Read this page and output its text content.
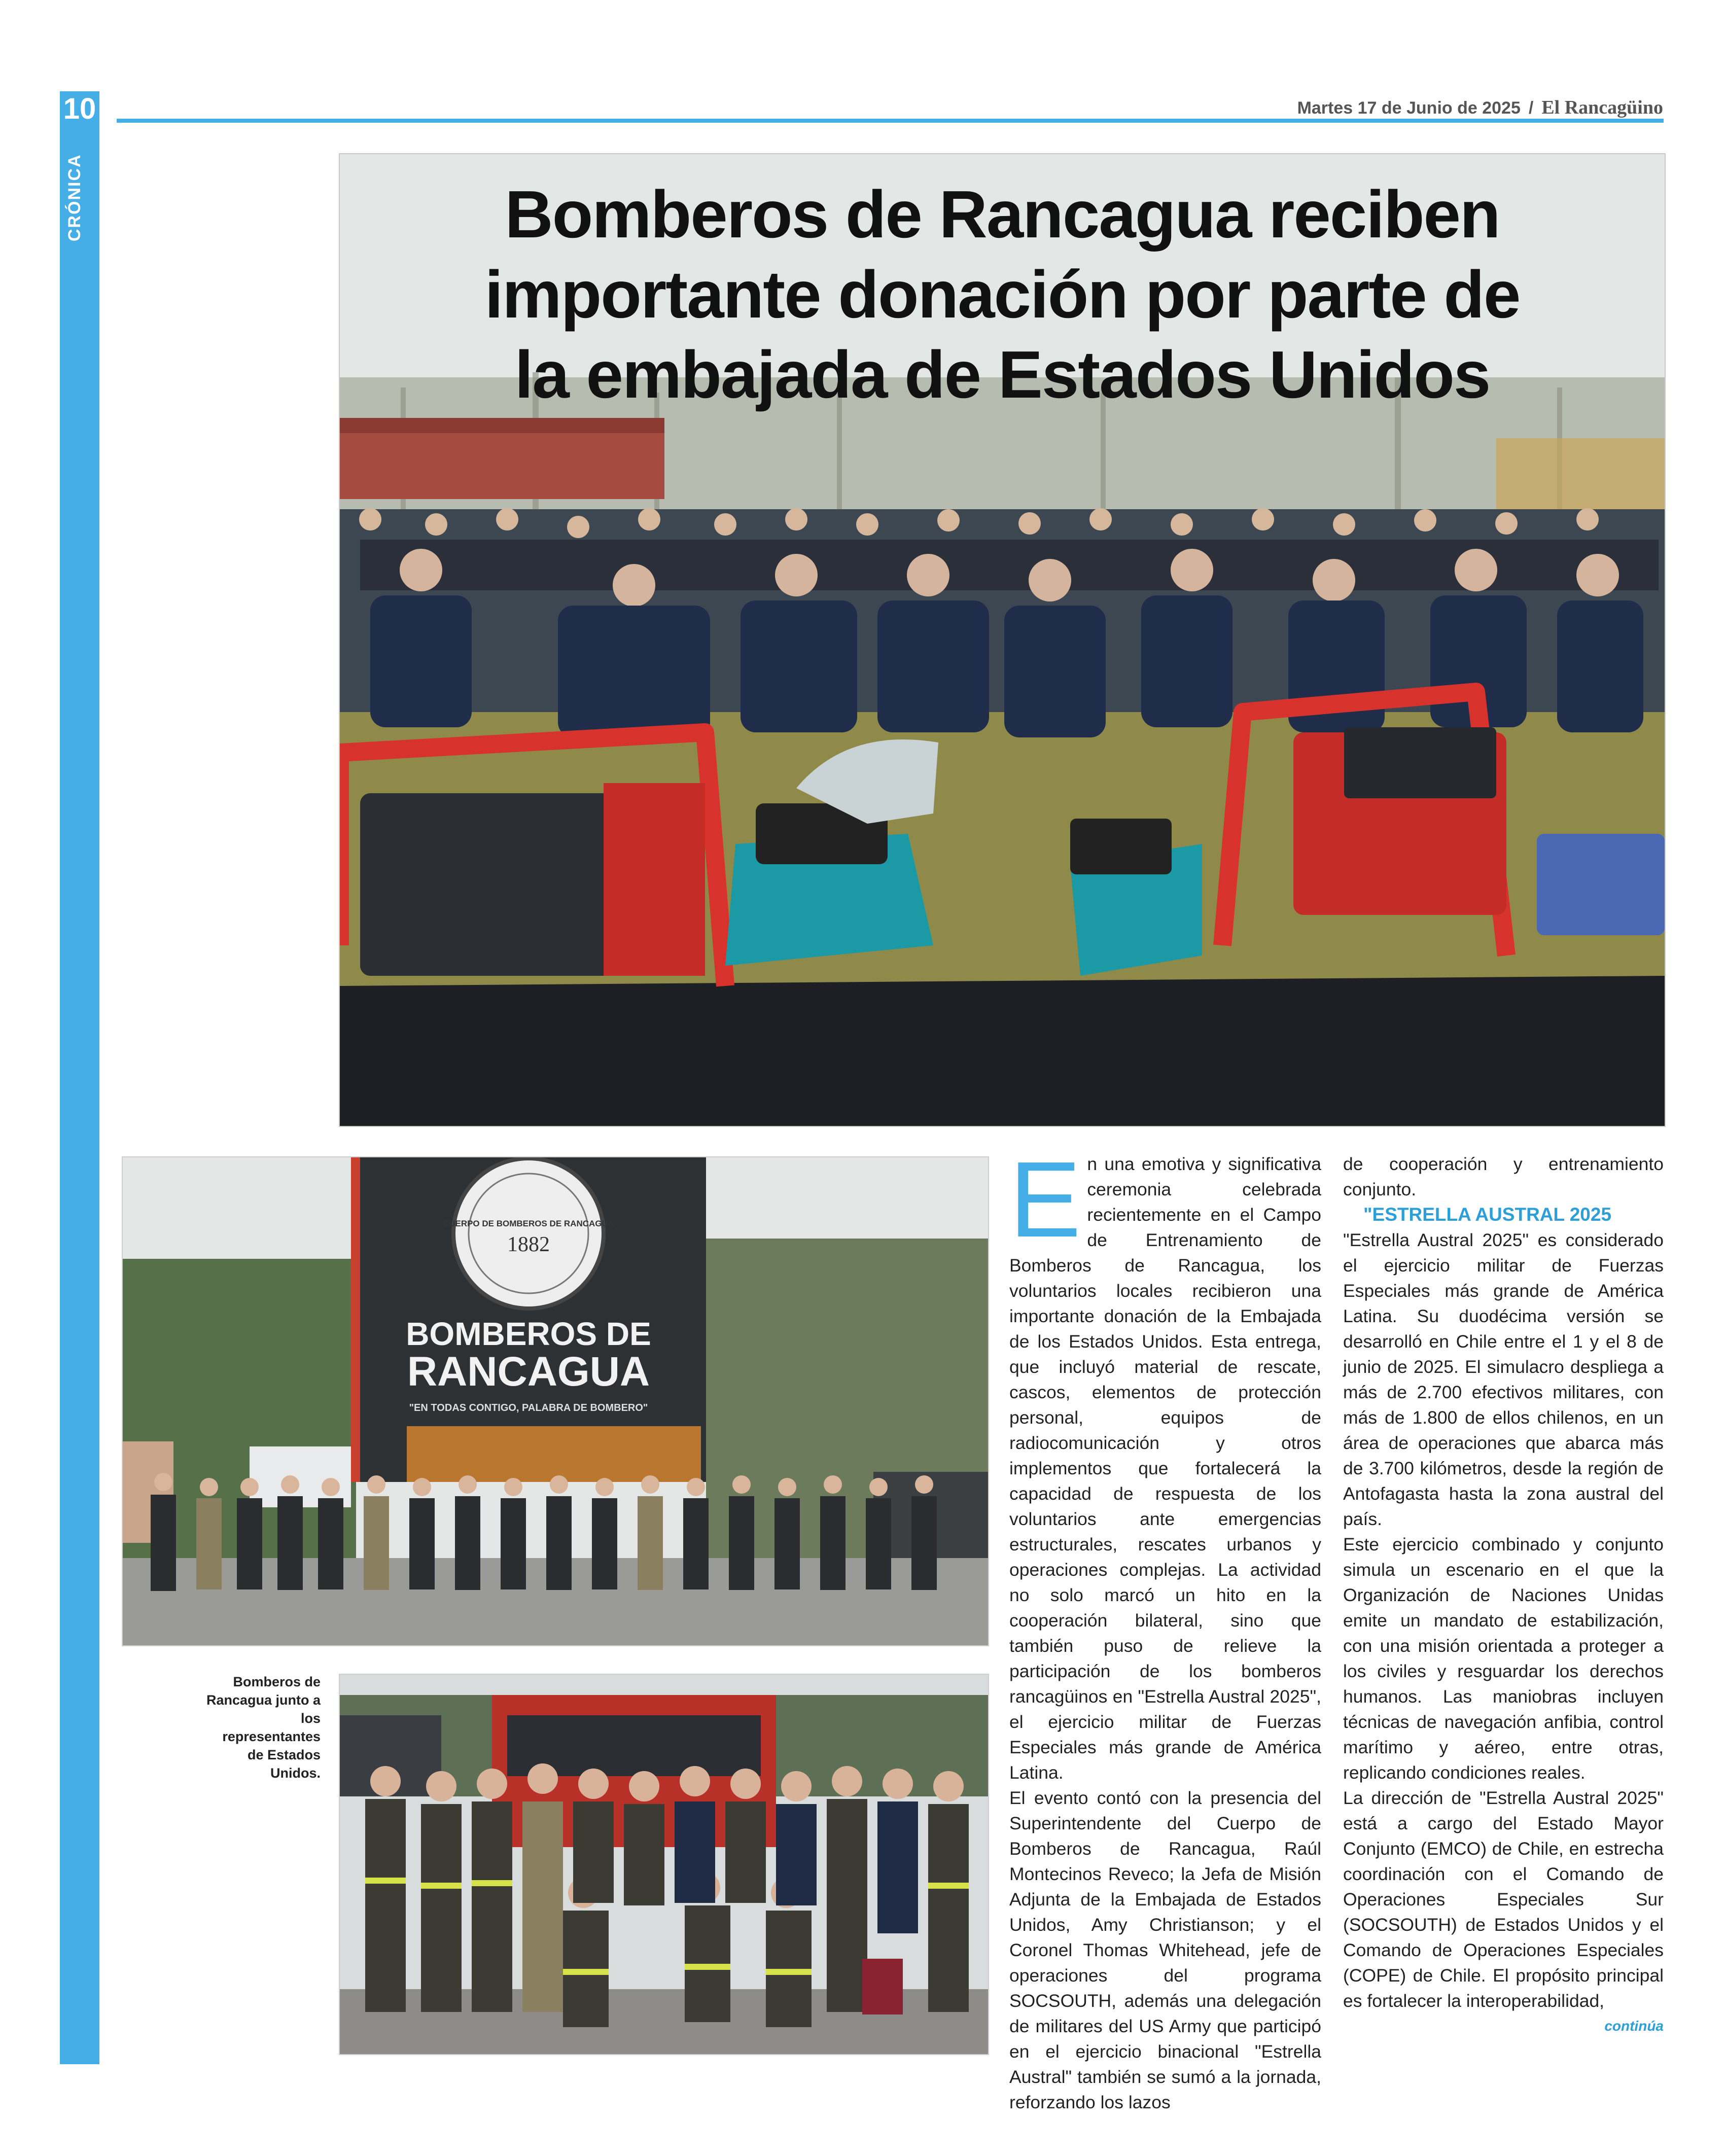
10
CRÓNICA
Martes 17 de Junio de 2025 / El Rancagüino
Bomberos de Rancagua reciben
importante donación por parte de
la embajada de Estados Unidos
CUERPO DE BOMBEROS DE RANCAGUA
1882
BOMBEROS DE
RANCAGUA
"EN TODAS CONTIGO, PALABRA DE BOMBERO"
Bomberos de Rancagua junto a los representantes de Estados Unidos.

En una emotiva y significativa ceremonia celebrada recientemente en el Campo de Entrenamiento de Bomberos de Rancagua, los voluntarios locales recibieron una importante donación de la Embajada de los Estados Unidos. Esta entrega, que incluyó material de rescate, cascos, elementos de protección personal, equipos de radiocomunicación y otros implementos que fortalecerá la capacidad de respuesta de los voluntarios ante emergencias estructurales, rescates urbanos y operaciones complejas. La actividad no solo marcó un hito en la cooperación bilateral, sino que también puso de relieve la participación de los bomberos rancagüinos en "Estrella Austral 2025", el ejercicio militar de Fuerzas Especiales más grande de América Latina.

El evento contó con la presencia del Superintendente del Cuerpo de Bomberos de Rancagua, Raúl Montecinos Reveco; la Jefa de Misión Adjunta de la Embajada de Estados Unidos, Amy Christianson; y el Coronel Thomas Whitehead, jefe de operaciones del programa SOCSOUTH, además una delegación de militares del US Army que participó en el ejercicio binacional "Estrella Austral" también se sumó a la jornada, reforzando los lazos

de cooperación y entrenamiento conjunto.

"ESTRELLA AUSTRAL 2025

"Estrella Austral 2025" es considerado el ejercicio militar de Fuerzas Especiales más grande de América Latina. Su duodécima versión se desarrolló en Chile entre el 1 y el 8 de junio de 2025. El simulacro despliega a más de 2.700 efectivos militares, con más de 1.800 de ellos chilenos, en un área de operaciones que abarca más de 3.700 kilómetros, desde la región de Antofagasta hasta la zona austral del país.

Este ejercicio combinado y conjunto simula un escenario en el que la Organización de Naciones Unidas emite un mandato de estabilización, con una misión orientada a proteger a los civiles y resguardar los derechos humanos. Las maniobras incluyen técnicas de navegación anfibia, control marítimo y aéreo, entre otras, replicando condiciones reales.

La dirección de "Estrella Austral 2025" está a cargo del Estado Mayor Conjunto (EMCO) de Chile, en estrecha coordinación con el Comando de Operaciones Especiales Sur (SOCSOUTH) de Estados Unidos y el Comando de Operaciones Especiales (COPE) de Chile. El propósito principal es fortalecer la interoperabilidad,

continúa
